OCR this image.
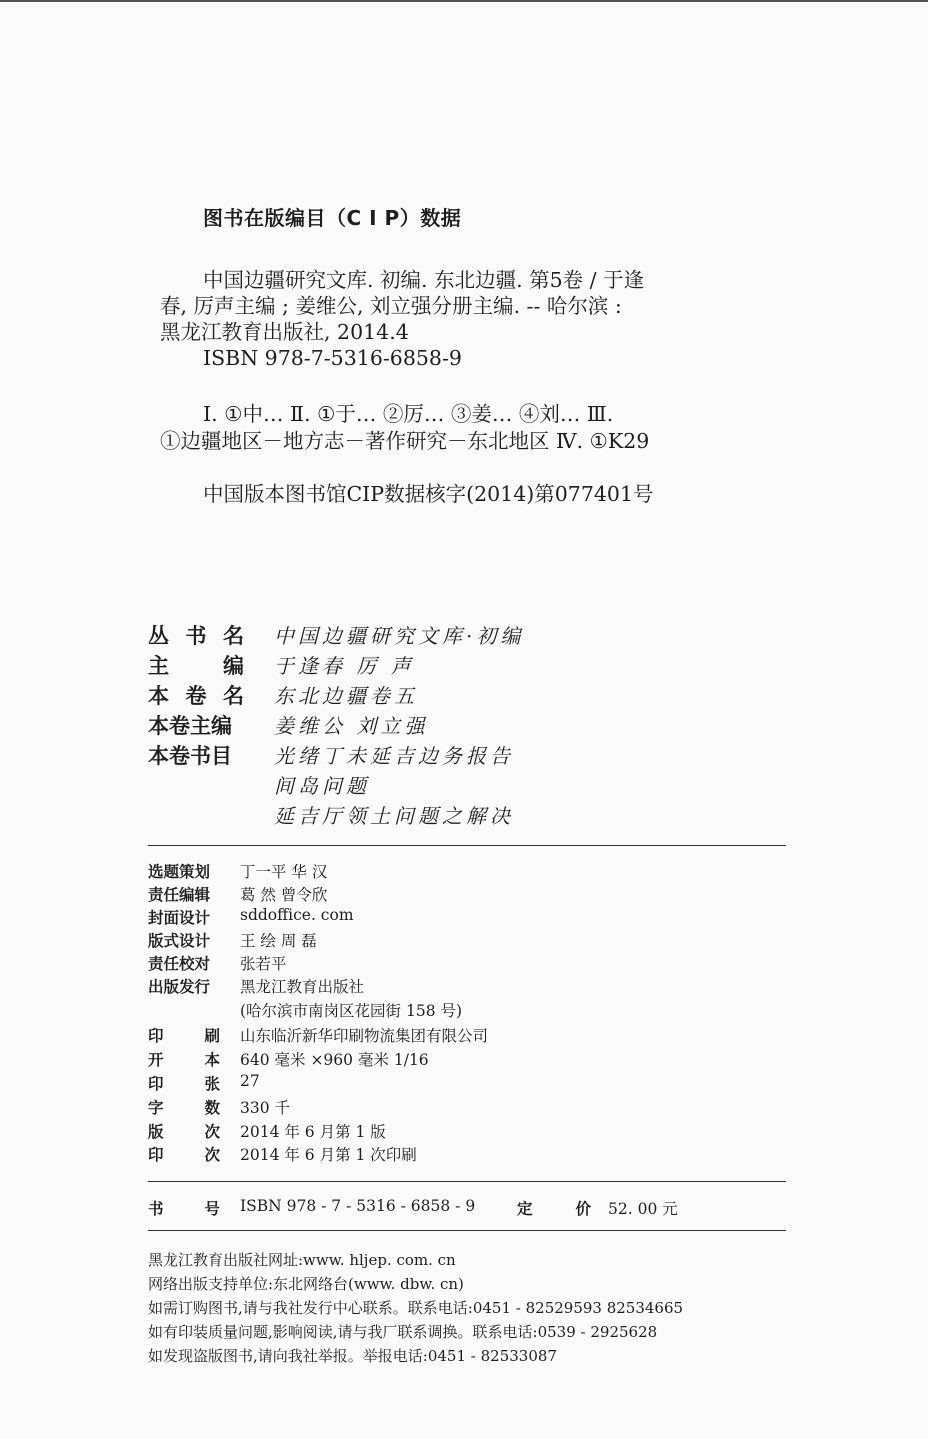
图书在版编目（C I P）数据
中国边疆研究文库. 初编. 东北边疆. 第5卷 / 于逢
春, 厉声主编 ; 姜维公, 刘立强分册主编. -- 哈尔滨 :
黑龙江教育出版社, 2014.4
ISBN 978-7-5316-6858-9
Ⅰ. ①中… Ⅱ. ①于… ②厉… ③姜… ④刘… Ⅲ.
①边疆地区－地方志－著作研究－东北地区 Ⅳ. ①K29
中国版本图书馆CIP数据核字(2014)第077401号
丛 书 名 中国边疆研究文库·初编
主	编 于逢春 厉 声
本 卷 名 东北边疆卷五
本卷主编 姜维公 刘立强
本卷书目 光绪丁未延吉边务报告
间岛问题
延吉厅领土问题之解决
选题策划 丁一平 华 汉
责任编辑 葛 然 曾令欣
封面设计 sddoffice. com
版式设计 王 绘 周 磊
责任校对 张若平
出版发行 黑龙江教育出版社
(哈尔滨市南岗区花园街 158 号)
印	刷 山东临沂新华印刷物流集团有限公司
开	本 640 毫米 ×960 毫米 1/16
印	张 27
字	数 330 千
版	次 2014 年 6 月第 1 版
印	次 2014 年 6 月第 1 次印刷
书	号 ISBN 978 - 7 - 5316 - 6858 - 9	定	价 52. 00 元
黑龙江教育出版社网址:www. hljep. com. cn
网络出版支持单位:东北网络台(www. dbw. cn)
如需订购图书,请与我社发行中心联系。联系电话:0451 - 82529593 82534665
如有印装质量问题,影响阅读,请与我厂联系调换。联系电话:0539 - 2925628
如发现盗版图书,请向我社举报。举报电话:0451 - 82533087
